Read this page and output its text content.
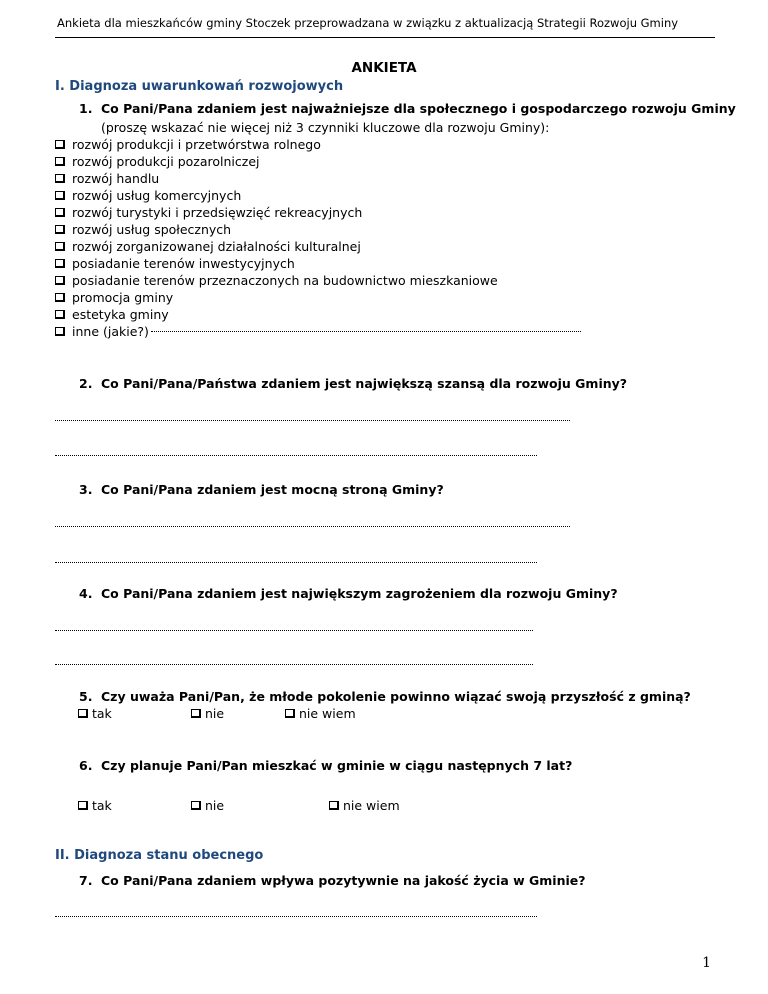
Ankieta dla mieszkańców gminy Stoczek przeprowadzana w związku z aktualizacją Strategii Rozwoju Gminy
ANKIETA
I. Diagnoza uwarunkowań rozwojowych
1. Co Pani/Pana zdaniem jest najważniejsze dla społecznego i gospodarczego rozwoju Gminy
(proszę wskazać nie więcej niż 3 czynniki kluczowe dla rozwoju Gminy):
rozwój produkcji i przetwórstwa rolnego
rozwój produkcji pozarolniczej
rozwój handlu
rozwój usług komercyjnych
rozwój turystyki i przedsięwzięć rekreacyjnych
rozwój usług społecznych
rozwój zorganizowanej działalności kulturalnej
posiadanie terenów inwestycyjnych
posiadanie terenów przeznaczonych na budownictwo mieszkaniowe
promocja gminy
estetyka gminy
inne (jakie?)
2. Co Pani/Pana/Państwa zdaniem jest największą szansą dla rozwoju Gminy?
3. Co Pani/Pana zdaniem jest mocną stroną Gminy?
4. Co Pani/Pana zdaniem jest największym zagrożeniem dla rozwoju Gminy?
5. Czy uważa Pani/Pan, że młode pokolenie powinno wiązać swoją przyszłość z gminą?
tak	nie	nie wiem
6. Czy planuje Pani/Pan mieszkać w gminie w ciągu następnych 7 lat?
tak	nie	nie wiem
II. Diagnoza stanu obecnego
7. Co Pani/Pana zdaniem wpływa pozytywnie na jakość życia w Gminie?
1
